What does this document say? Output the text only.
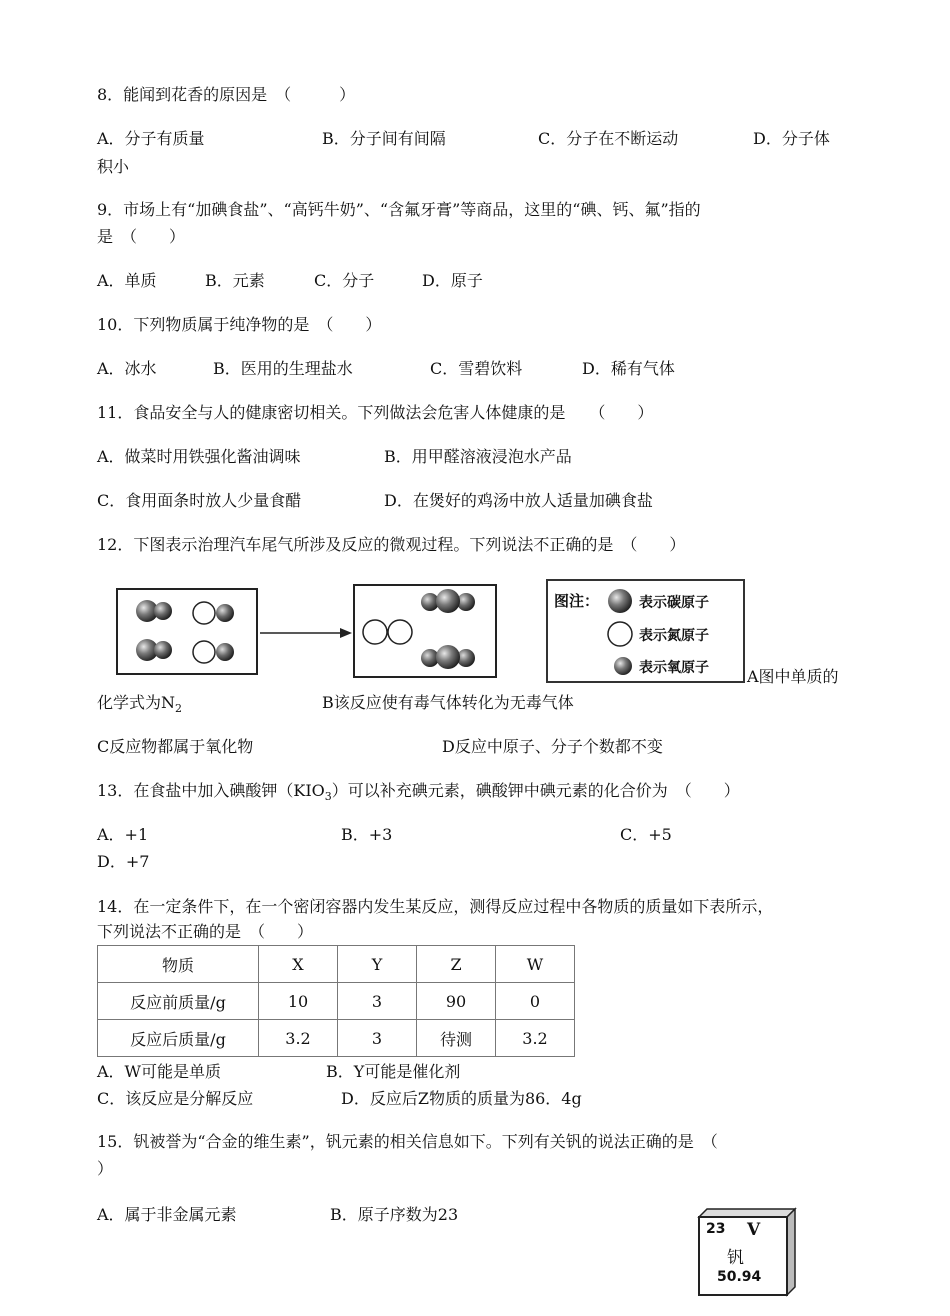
8．能闻到花香的原因是　（　　　）
A．分子有质量	B．分子间有间隔	C．分子在不断运动	D．分子体
积小
9．市场上有“加碘食盐”、“高钙牛奶”、“含氟牙膏”等商品，这里的“碘、钙、氟”指的
是　（　　）
A．单质	B．元素	C．分子	D．原子
10．下列物质属于纯净物的是　（　　）
A．冰水	B．医用的生理盐水	C．雪碧饮料	D．稀有气体
11．食品安全与人的健康密切相关。下列做法会危害人体健康的是　　（　　）
A．做菜时用铁强化酱油调味	B．用甲醛溶液浸泡水产品
C．食用面条时放人少量食醋	D．在煲好的鸡汤中放人适量加碘食盐
12．下图表示治理汽车尾气所涉及反应的微观过程。下列说法不正确的是　（　　）
图注：	表示碳原子
表示氮原子
表示氧原子 A图中单质的
化学式为$N_2$	B该反应使有毒气体转化为无毒气体
C反应物都属于氧化物	D反应中原子、分子个数都不变
13．在食盐中加入碘酸钾$(KIO_3)$可以补充碘元素，碘酸钾中碘元素的化合价为　（　　）
A．+1	B．+3	C．+5
D．+7
14．在一定条件下，在一个密闭容器内发生某反应，测得反应过程中各物质的质量如下表所示，
下列说法不正确的是　（　　）
物质	X	Y	Z	W
反应前质量/g	10	3	90	0
反应后质量/g	3.2	3	待测	3.2
A．W可能是单质	B．Y可能是催化剂
C．该反应是分解反应	D．反应后Z物质的质量为86．4g
15．钒被誉为“合金的维生素”，钒元素的相关信息如下。下列有关钒的说法正确的是　（
）
A．属于非金属元素	B．原子序数为23
23 V
钒
50.94
